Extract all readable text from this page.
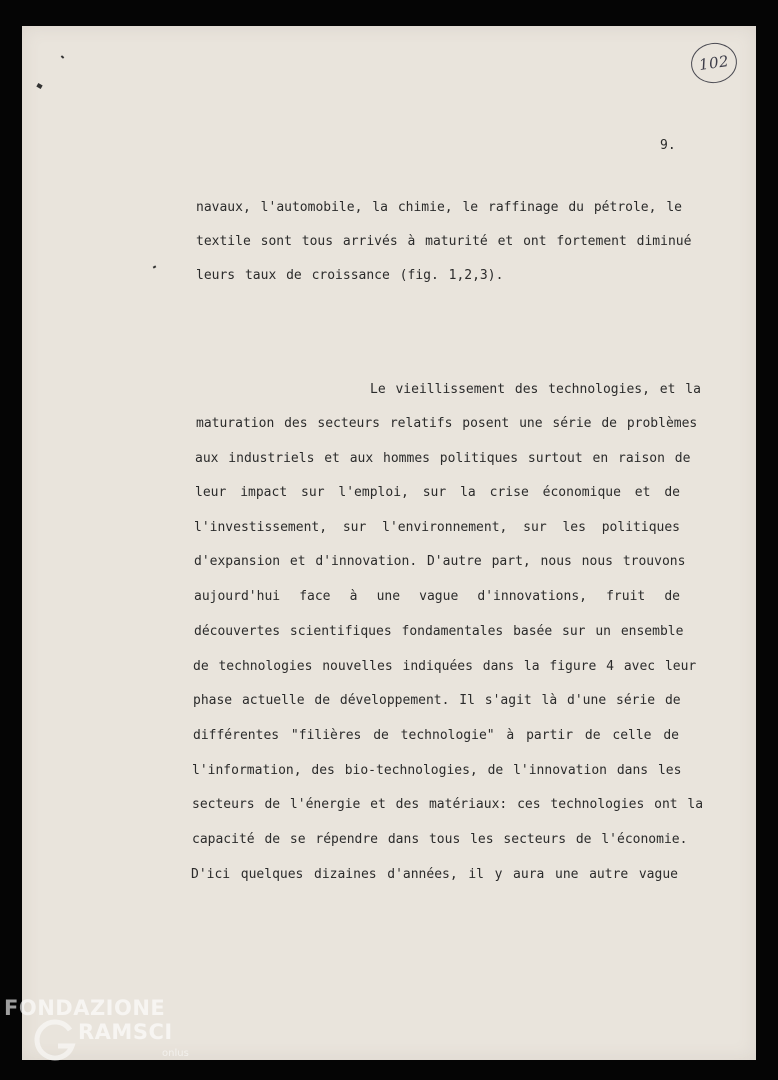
102
9.
navaux, l'automobile, la chimie, le raffinage du pétrole, le
textile sont tous arrivés à maturité et ont fortement diminué
leurs taux de croissance (fig. 1,2,3).
Le vieillissement des technologies, et la
maturation des secteurs relatifs posent une série de problèmes
aux industriels et aux hommes politiques surtout en raison de
leur impact sur l'emploi, sur la crise économique et de
l'investissement, sur l'environnement, sur les politiques
d'expansion et d'innovation. D'autre part, nous nous trouvons
aujourd'hui face à une vague d'innovations, fruit de
découvertes scientifiques fondamentales basée sur un ensemble
de technologies nouvelles indiquées dans la figure 4 avec leur
phase actuelle de développement. Il s'agit là d'une série de
différentes "filières de technologie" à partir de celle de
l'information, des bio-technologies, de l'innovation dans les
secteurs de l'énergie et des matériaux: ces technologies ont la
capacité de se répendre dans tous les secteurs de l'économie.
D'ici quelques dizaines d'années, il y aura une autre vague
FONDAZIONE
RAMSCI
onlus
